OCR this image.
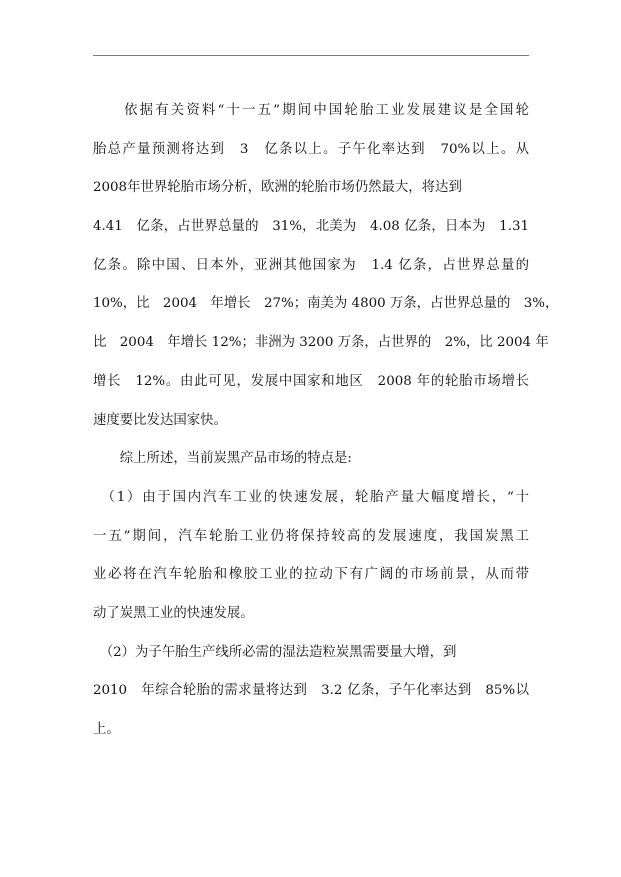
　　依据有关资料“十一五”期间中国轮胎工业发展建议是全国轮
胎总产量预测将达到　3　亿条以上。子午化率达到　70%以上。从
2008年世界轮胎市场分析，欧洲的轮胎市场仍然最大，将达到
4.41　亿条，占世界总量的　31%，北美为　4.08 亿条，日本为　1.31
亿条。除中国、日本外，亚洲其他国家为　1.4 亿条，占世界总量的
10%，比　2004　年增长　27%；南美为 4800 万条，占世界总量的　3%，
比　2004　年增长 12%；非洲为 3200 万条，占世界的　2%，比 2004 年
增长　12%。由此可见，发展中国家和地区　2008 年的轮胎市场增长
速度要比发达国家快。
　　综上所述，当前炭黑产品市场的特点是:
　（1）由于国内汽车工业的快速发展，轮胎产量大幅度增长，“十
一五”期间，汽车轮胎工业仍将保持较高的发展速度，我国炭黑工
业必将在汽车轮胎和橡胶工业的拉动下有广阔的市场前景，从而带
动了炭黑工业的快速发展。
　（2）为子午胎生产线所必需的湿法造粒炭黑需要量大增，到
2010　年综合轮胎的需求量将达到　3.2 亿条，子午化率达到　85%以
上。
